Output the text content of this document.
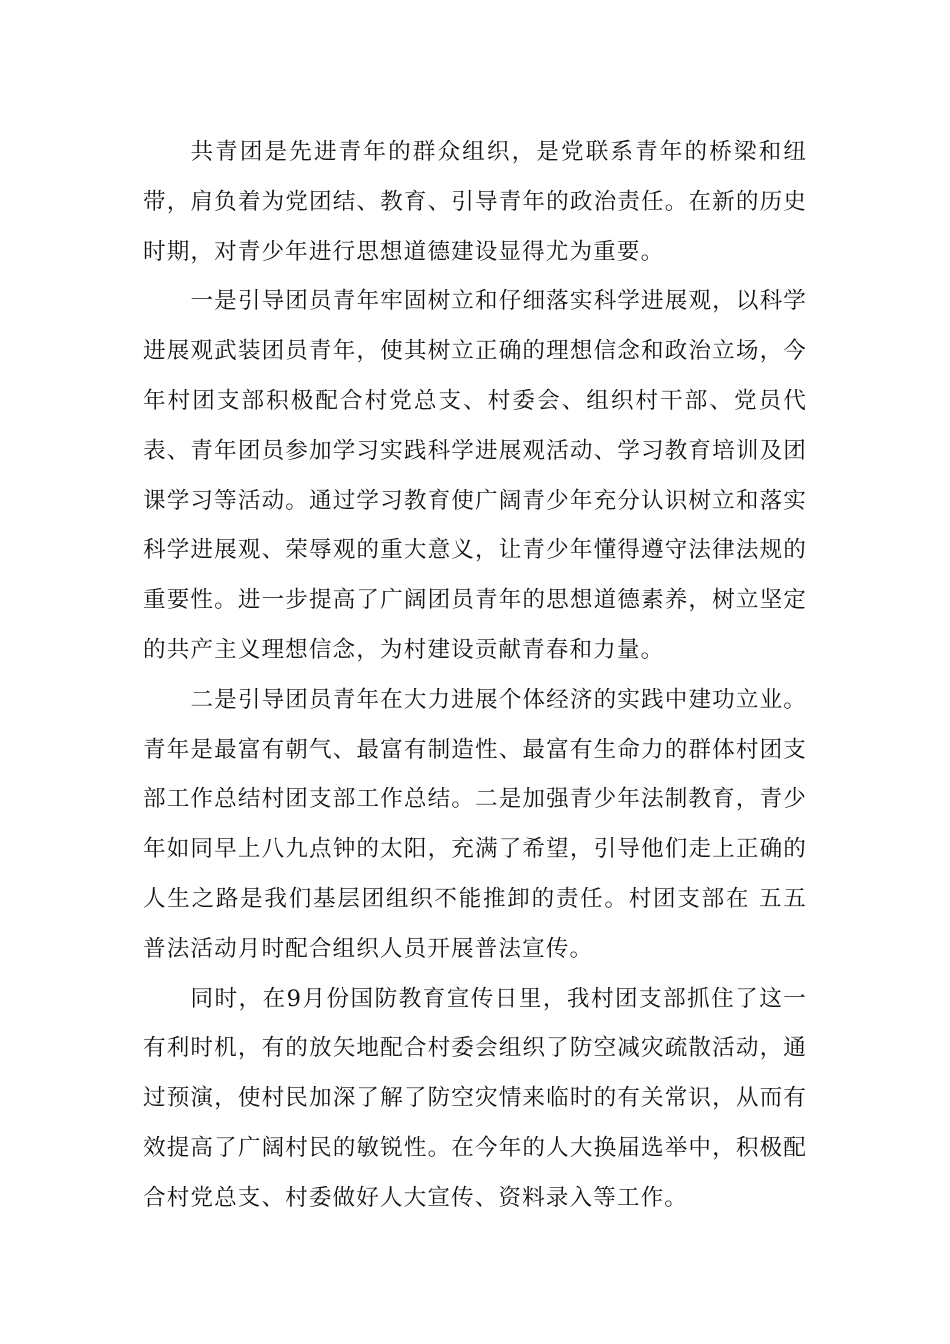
共青团是先进青年的群众组织，是党联系青年的桥梁和纽带，肩负着为党团结、教育、引导青年的政治责任。在新的历史时期，对青少年进行思想道德建设显得尤为重要。

一是引导团员青年牢固树立和仔细落实科学进展观，以科学进展观武装团员青年，使其树立正确的理想信念和政治立场，今年村团支部积极配合村党总支、村委会、组织村干部、党员代表、青年团员参加学习实践科学进展观活动、学习教育培训及团课学习等活动。通过学习教育使广阔青少年充分认识树立和落实科学进展观、荣辱观的重大意义，让青少年懂得遵守法律法规的重要性。进一步提高了广阔团员青年的思想道德素养，树立坚定的共产主义理想信念，为村建设贡献青春和力量。

二是引导团员青年在大力进展个体经济的实践中建功立业。青年是最富有朝气、最富有制造性、最富有生命力的群体村团支部工作总结村团支部工作总结。二是加强青少年法制教育，青少年如同早上八九点钟的太阳，充满了希望，引导他们走上正确的人生之路是我们基层团组织不能推卸的责任。村团支部在 五五 普法活动月时配合组织人员开展普法宣传。

同时，在9月份国防教育宣传日里，我村团支部抓住了这一有利时机，有的放矢地配合村委会组织了防空减灾疏散活动，通过预演，使村民加深了解了防空灾情来临时的有关常识，从而有效提高了广阔村民的敏锐性。在今年的人大换届选举中，积极配合村党总支、村委做好人大宣传、资料录入等工作。
